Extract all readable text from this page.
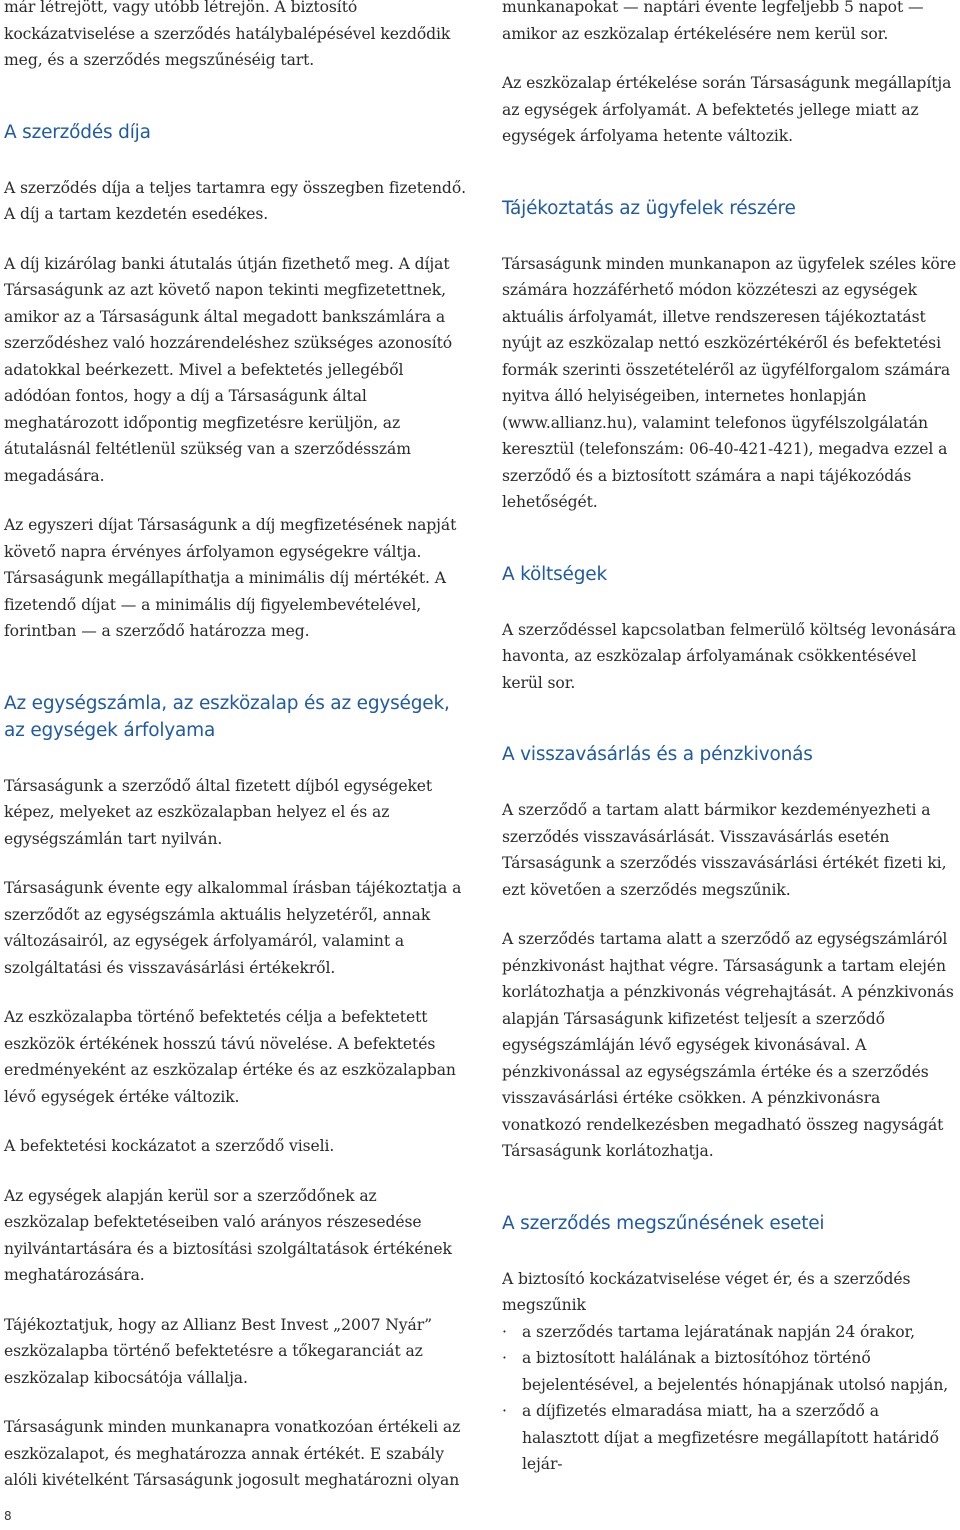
már létrejött, vagy utóbb létrejön. A biztosító kockázatviselése a szerződés hatálybalépésével kezdődik meg, és a szerződés megszűnéséig tart.

A szerződés díja

A szerződés díja a teljes tartamra egy összegben fizetendő. A díj a tartam kezdetén esedékes.

A díj kizárólag banki átutalás útján fizethető meg. A díjat Társaságunk az azt követő napon tekinti megfizetettnek, amikor az a Társaságunk által megadott bankszámlára a szerződéshez való hozzárendeléshez szükséges azonosító adatokkal beérkezett. Mivel a befektetés jellegéből adódóan fontos, hogy a díj a Társaságunk által meghatározott időpontig megfizetésre kerüljön, az átutalásnál feltétlenül szükség van a szerződésszám megadására.

Az egyszeri díjat Társaságunk a díj megfizetésének napját követő napra érvényes árfolyamon egységekre váltja. Társaságunk megállapíthatja a minimális díj mértékét. A fizetendő díjat — a minimális díj figyelembevételével, forintban — a szerződő határozza meg.

Az egységszámla, az eszközalap és az egységek, az egységek árfolyama

Társaságunk a szerződő által fizetett díjból egységeket képez, melyeket az eszközalapban helyez el és az egységszámlán tart nyilván.

Társaságunk évente egy alkalommal írásban tájékoztatja a szerződőt az egységszámla aktuális helyzetéről, annak változásairól, az egységek árfolyamáról, valamint a szolgáltatási és visszavásárlási értékekről.

Az eszközalapba történő befektetés célja a befektetett eszközök értékének hosszú távú növelése. A befektetés eredményeként az eszközalap értéke és az eszközalapban lévő egységek értéke változik.

A befektetési kockázatot a szerződő viseli.

Az egységek alapján kerül sor a szerződőnek az eszközalap befektetéseiben való arányos részesedése nyilvántartására és a biztosítási szolgáltatások értékének meghatározására.

Tájékoztatjuk, hogy az Allianz Best Invest „2007 Nyár” eszközalapba történő befektetésre a tőkegaranciát az eszközalap kibocsátója vállalja.

Társaságunk minden munkanapra vonatkozóan értékeli az eszközalapot, és meghatározza annak értékét. E szabály alóli kivételként Társaságunk jogosult meghatározni olyan

munkanapokat — naptári évente legfeljebb 5 napot — amikor az eszközalap értékelésére nem kerül sor.

Az eszközalap értékelése során Társaságunk megállapítja az egységek árfolyamát. A befektetés jellege miatt az egységek árfolyama hetente változik.

Tájékoztatás az ügyfelek részére

Társaságunk minden munkanapon az ügyfelek széles köre számára hozzáférhető módon közzéteszi az egységek aktuális árfolyamát, illetve rendszeresen tájékoztatást nyújt az eszközalap nettó eszközértékéről és befektetési formák szerinti összetételéről az ügyfélforgalom számára nyitva álló helyiségeiben, internetes honlapján (www.allianz.hu), valamint telefonos ügyfélszolgálatán keresztül (telefonszám: 06-40-421-421), megadva ezzel a szerződő és a biztosított számára a napi tájékozódás lehetőségét.

A költségek

A szerződéssel kapcsolatban felmerülő költség levonására havonta, az eszközalap árfolyamának csökkentésével kerül sor.

A visszavásárlás és a pénzkivonás

A szerződő a tartam alatt bármikor kezdeményezheti a szerződés visszavásárlását. Visszavásárlás esetén Társaságunk a szerződés visszavásárlási értékét fizeti ki, ezt követően a szerződés megszűnik.

A szerződés tartama alatt a szerződő az egységszámláról pénzkivonást hajthat végre. Társaságunk a tartam elején korlátozhatja a pénzkivonás végrehajtását. A pénzkivonás alapján Társaságunk kifizetést teljesít a szerződő egységszámláján lévő egységek kivonásával. A pénzkivonással az egységszámla értéke és a szerződés visszavásárlási értéke csökken. A pénzkivonásra vonatkozó rendelkezésben megadható összeg nagyságát Társaságunk korlátozhatja.

A szerződés megszűnésének esetei

A biztosító kockázatviselése véget ér, és a szerződés megszűnik

· a szerződés tartama lejáratának napján 24 órakor,

· a biztosított halálának a biztosítóhoz történő bejelentésével, a bejelentés hónapjának utolsó napján,

· a díjfizetés elmaradása miatt, ha a szerződő a halasztott díjat a megfizetésre megállapított határidő lejár-

8
